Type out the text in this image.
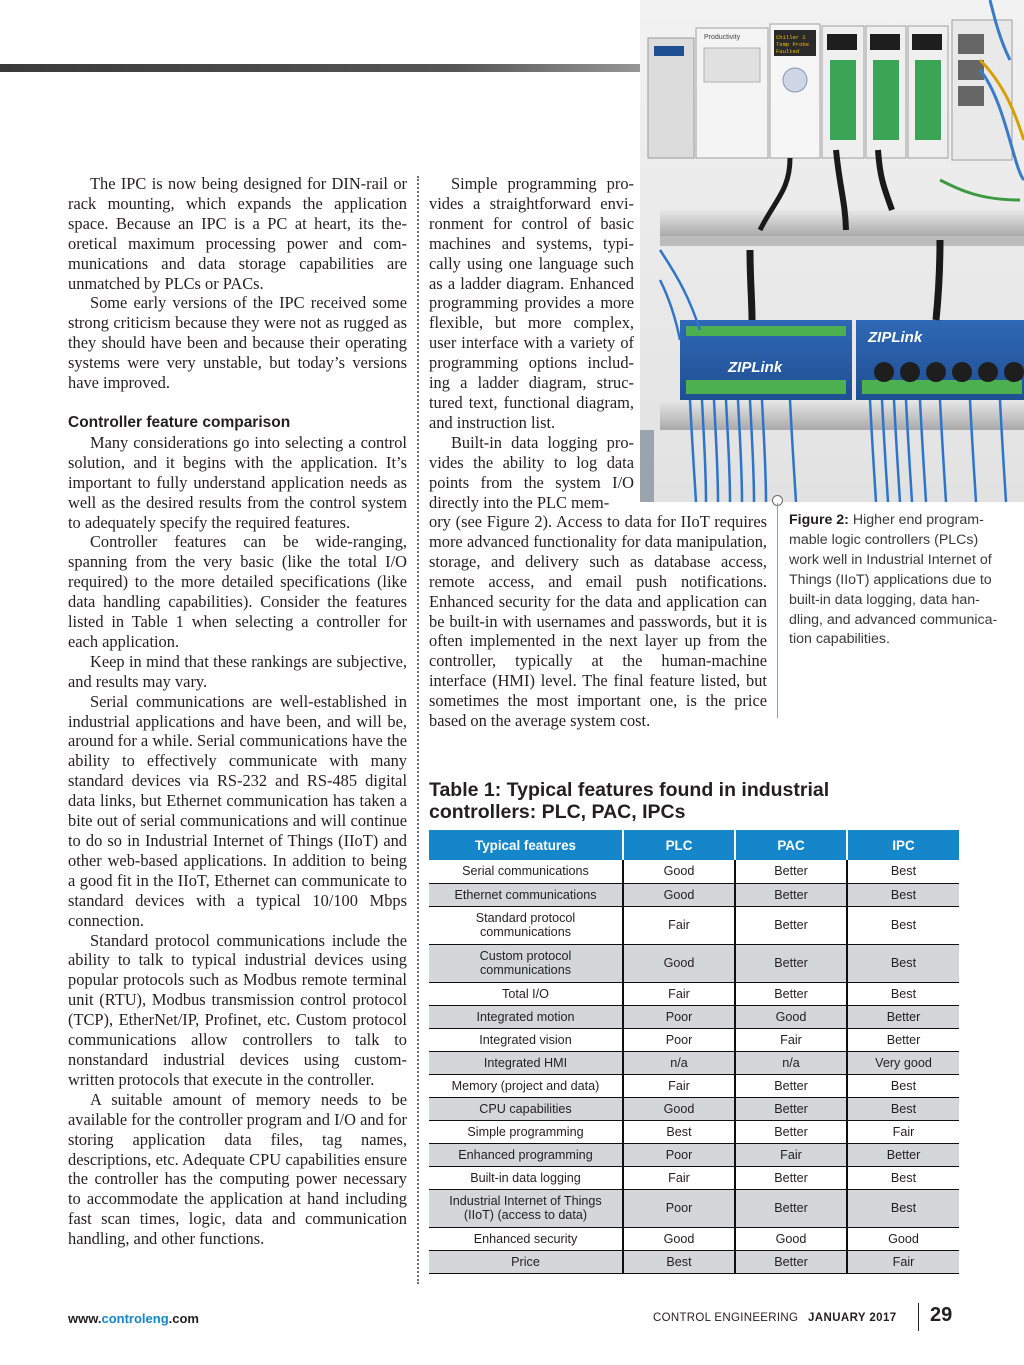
Productivity	Chiller 2
Temp Probe
Faulted
ZIPLink
ZIPLink

The IPC is now being designed for DIN-rail or rack mounting, which expands the application space. Because an IPC is a PC at heart, its theoretical maximum processing power and communications and data storage capabilities are unmatched by PLCs or PACs.

Some early versions of the IPC received some strong criticism because they were not as rugged as they should have been and because their operating systems were very unstable, but today’s versions have improved.

Controller feature comparison

Many considerations go into selecting a control solution, and it begins with the application. It’s important to fully understand application needs as well as the desired results from the control system to adequately specify the required features.

Controller features can be wide-ranging, spanning from the very basic (like the total I/O required) to the more detailed specifications (like data handling capabilities). Consider the features listed in Table 1 when selecting a controller for each application.

Keep in mind that these rankings are subjective, and results may vary.

Serial communications are well-established in industrial applications and have been, and will be, around for a while. Serial communications have the ability to effectively communicate with many standard devices via RS-232 and RS-485 digital data links, but Ethernet communication has taken a bite out of serial communications and will continue to do so in Industrial Internet of Things (IIoT) and other web-based applications. In addition to being a good fit in the IIoT, Ethernet can communicate to standard devices with a typical 10/100 Mbps connection.

Standard protocol communications include the ability to talk to typical industrial devices using popular protocols such as Modbus remote terminal unit (RTU), Modbus transmission control protocol (TCP), EtherNet/IP, Profinet, etc. Custom protocol communications allow controllers to talk to nonstandard industrial devices using custom-written protocols that execute in the controller.

A suitable amount of memory needs to be available for the controller program and I/O and for storing application data files, tag names, descriptions, etc. Adequate CPU capabilities ensure the controller has the computing power necessary to accommodate the application at hand including fast scan times, logic, data and communication handling, and other functions.

Simple programming provides a straightforward environment for control of basic machines and systems, typically using one language such as a ladder diagram. Enhanced programming provides a more flexible, but more complex, user interface with a variety of programming options including a ladder diagram, structured text, functional diagram, and instruction list.

Built-in data logging provides the ability to log data points from the system I/O directly into the PLC mem-

ory (see Figure 2). Access to data for IIoT requires more advanced functionality for data manipulation, storage, and delivery such as database access, remote access, and email push notifications. Enhanced security for the data and application can be built-in with usernames and passwords, but it is often implemented in the next layer up from the controller, typically at the human-machine interface (HMI) level. The final feature listed, but sometimes the most important one, is the price based on the average system cost.

Figure 2: Higher end programmable logic controllers (PLCs) work well in Industrial Internet of Things (IIoT) applications due to built-in data logging, data handling, and advanced communication capabilities.
Table 1: Typical features found in industrial controllers: PLC, PAC, IPCs
Typical features	PLC	PAC	IPC
Serial communications	Good	Better	Best
Ethernet communications	Good	Better	Best
Standard protocol communications	Fair	Better	Best
Custom protocol communications	Good	Better	Best
Total I/O	Fair	Better	Best
Integrated motion	Poor	Good	Better
Integrated vision	Poor	Fair	Better
Integrated HMI	n/a	n/a	Very good
Memory (project and data)	Fair	Better	Best
CPU capabilities	Good	Better	Best
Simple programming	Best	Better	Fair
Enhanced programming	Poor	Fair	Better
Built-in data logging	Fair	Better	Best
Industrial Internet of Things (IIoT) (access to data)	Poor	Better	Best
Enhanced security	Good	Good	Good
Price	Best	Better	Fair
www.controleng.com	CONTROL ENGINEERING JANUARY 2017 29
